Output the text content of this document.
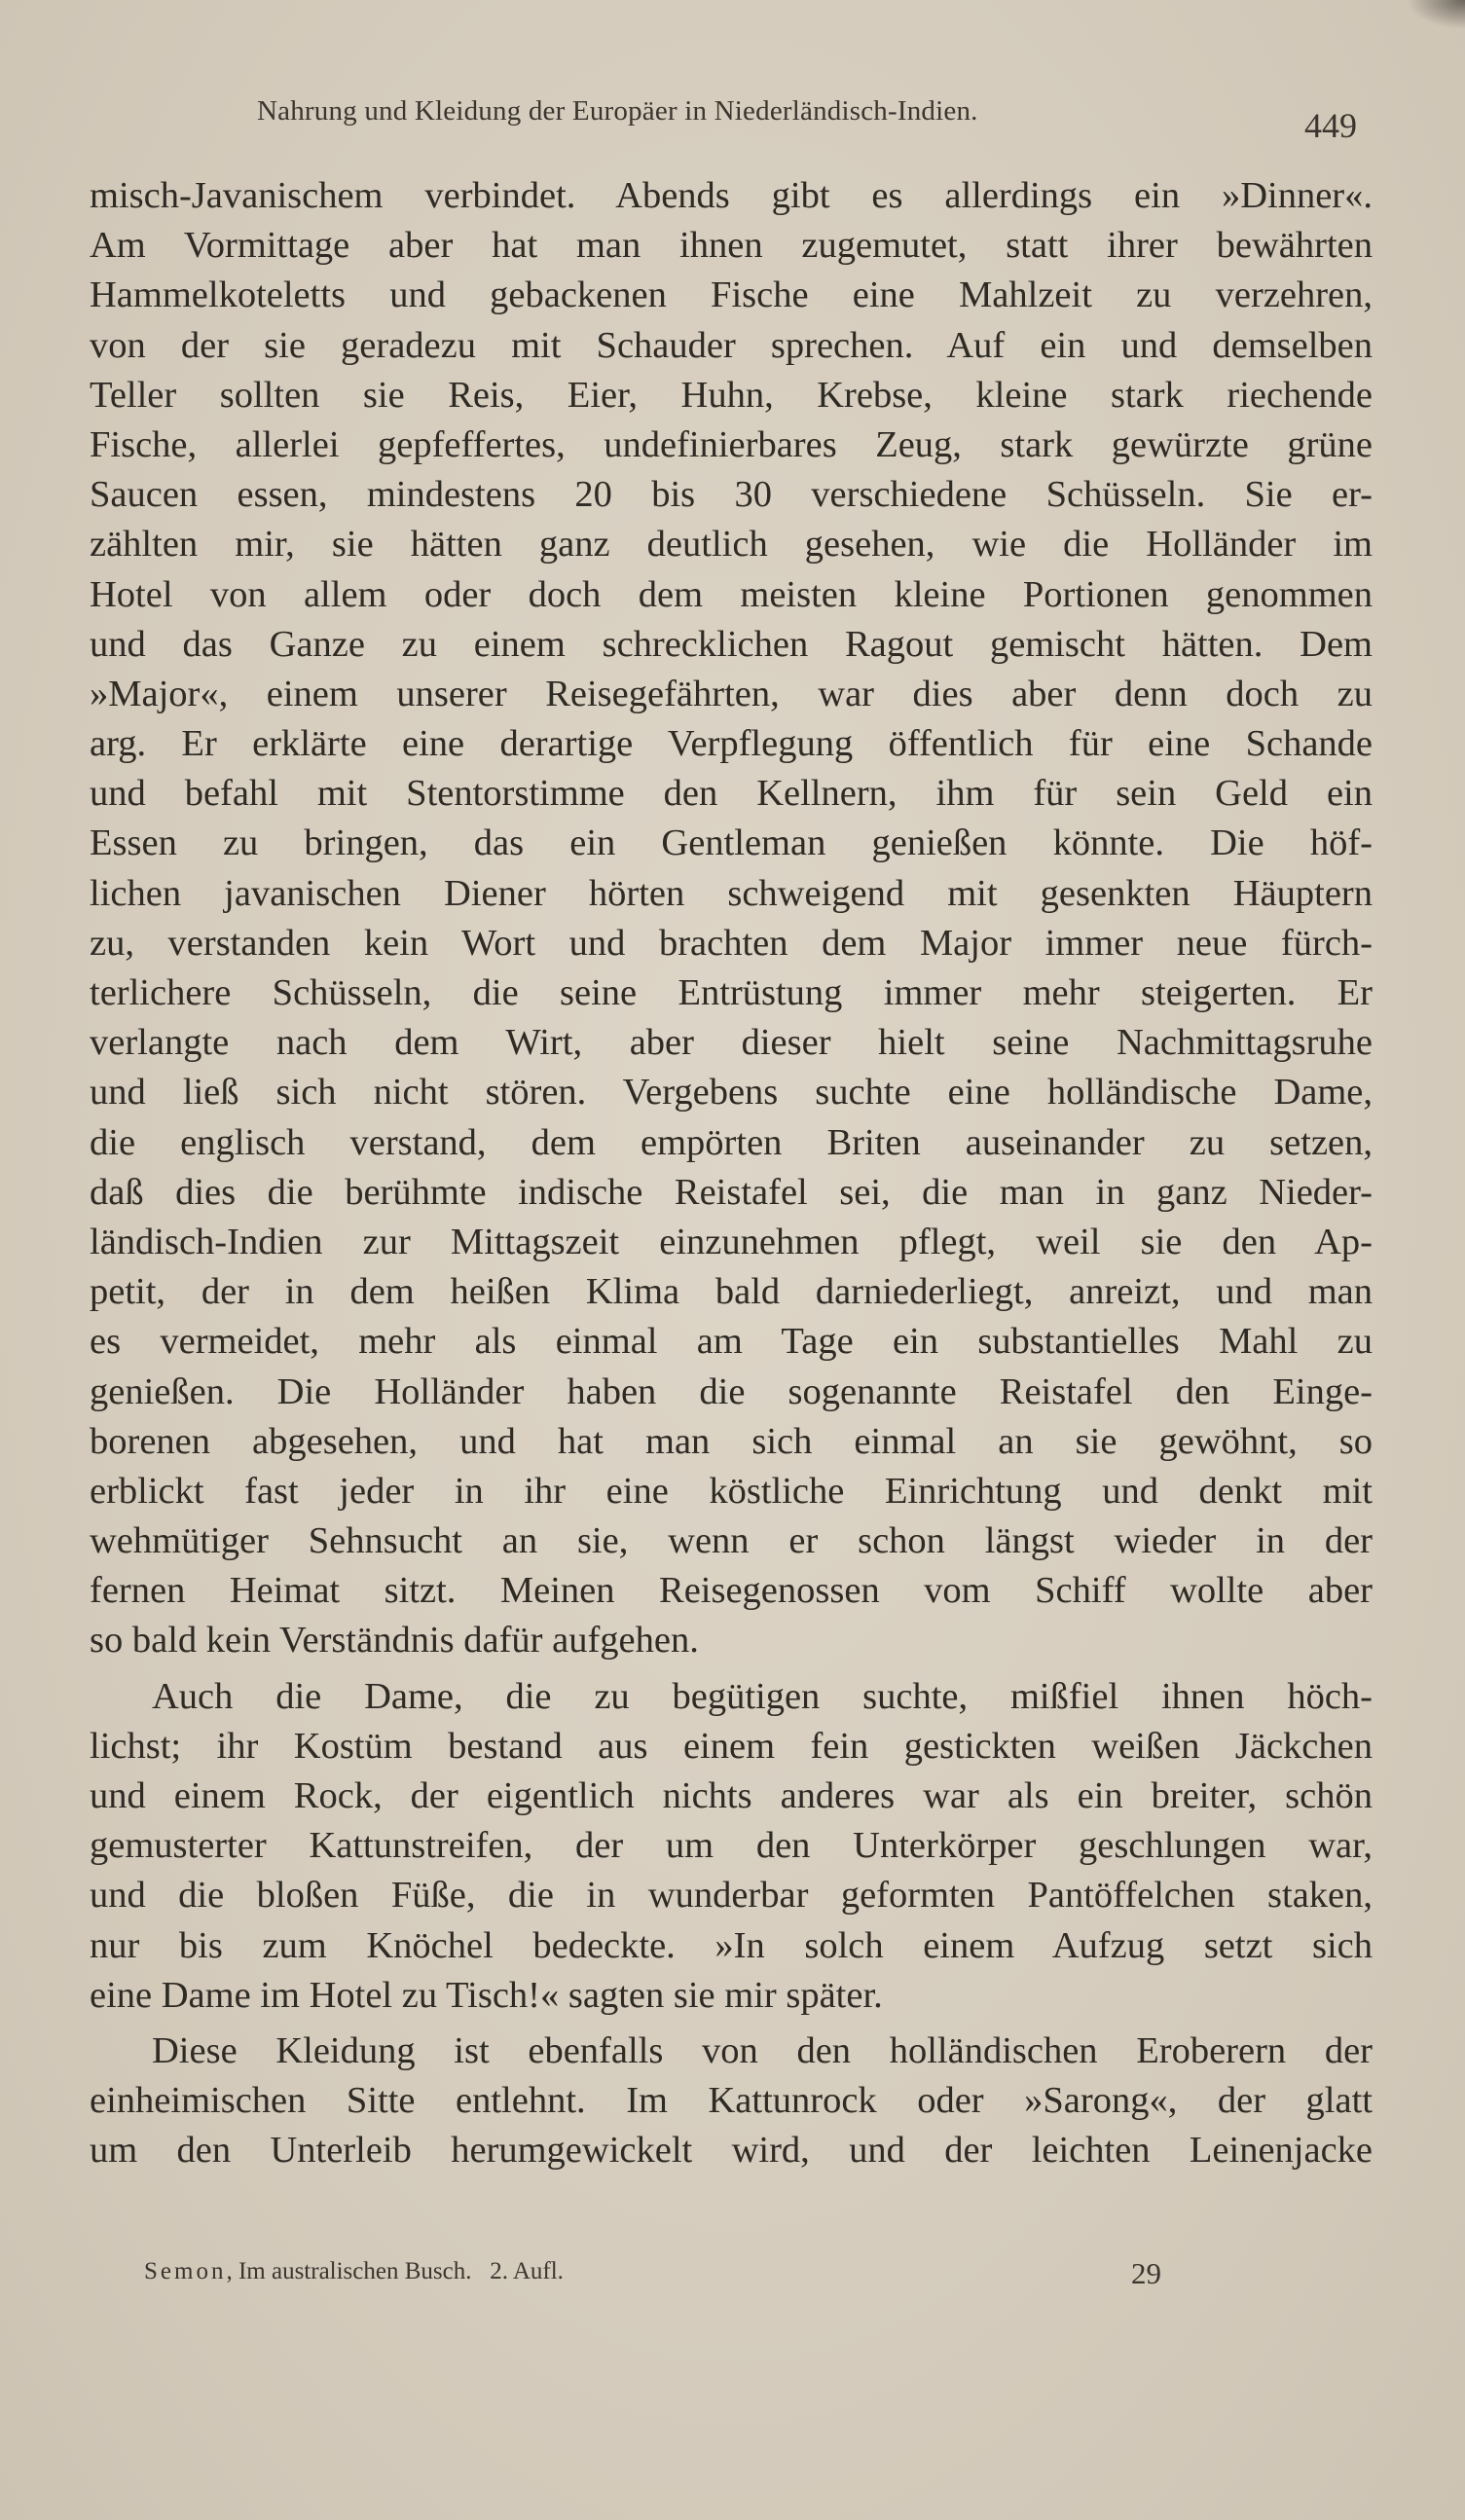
Nahrung und Kleidung der Europäer in Niederländisch-Indien.	449
misch-Javanischem verbindet. Abends gibt es allerdings ein »Dinner«.
Am Vormittage aber hat man ihnen zugemutet, statt ihrer bewährten
Hammelkoteletts und gebackenen Fische eine Mahlzeit zu verzehren,
von der sie geradezu mit Schauder sprechen. Auf ein und demselben
Teller sollten sie Reis, Eier, Huhn, Krebse, kleine stark riechende
Fische, allerlei gepfeffertes, undefinierbares Zeug, stark gewürzte grüne
Saucen essen, mindestens 20 bis 30 verschiedene Schüsseln. Sie er-
zählten mir, sie hätten ganz deutlich gesehen, wie die Holländer im
Hotel von allem oder doch dem meisten kleine Portionen genommen
und das Ganze zu einem schrecklichen Ragout gemischt hätten. Dem
»Major«, einem unserer Reisegefährten, war dies aber denn doch zu
arg. Er erklärte eine derartige Verpflegung öffentlich für eine Schande
und befahl mit Stentorstimme den Kellnern, ihm für sein Geld ein
Essen zu bringen, das ein Gentleman genießen könnte. Die höf-
lichen javanischen Diener hörten schweigend mit gesenkten Häuptern
zu, verstanden kein Wort und brachten dem Major immer neue fürch-
terlichere Schüsseln, die seine Entrüstung immer mehr steigerten. Er
verlangte nach dem Wirt, aber dieser hielt seine Nachmittagsruhe
und ließ sich nicht stören. Vergebens suchte eine holländische Dame,
die englisch verstand, dem empörten Briten auseinander zu setzen,
daß dies die berühmte indische Reistafel sei, die man in ganz Nieder-
ländisch-Indien zur Mittagszeit einzunehmen pflegt, weil sie den Ap-
petit, der in dem heißen Klima bald darniederliegt, anreizt, und man
es vermeidet, mehr als einmal am Tage ein substantielles Mahl zu
genießen. Die Holländer haben die sogenannte Reistafel den Einge-
borenen abgesehen, und hat man sich einmal an sie gewöhnt, so
erblickt fast jeder in ihr eine köstliche Einrichtung und denkt mit
wehmütiger Sehnsucht an sie, wenn er schon längst wieder in der
fernen Heimat sitzt. Meinen Reisegenossen vom Schiff wollte aber
so bald kein Verständnis dafür aufgehen.
Auch die Dame, die zu begütigen suchte, mißfiel ihnen höch-
lichst; ihr Kostüm bestand aus einem fein gestickten weißen Jäckchen
und einem Rock, der eigentlich nichts anderes war als ein breiter, schön
gemusterter Kattunstreifen, der um den Unterkörper geschlungen war,
und die bloßen Füße, die in wunderbar geformten Pantöffelchen staken,
nur bis zum Knöchel bedeckte. »In solch einem Aufzug setzt sich
eine Dame im Hotel zu Tisch!« sagten sie mir später.
Diese Kleidung ist ebenfalls von den holländischen Eroberern der
einheimischen Sitte entlehnt. Im Kattunrock oder »Sarong«, der glatt
um den Unterleib herumgewickelt wird, und der leichten Leinenjacke
Semon, Im australischen Busch. 2. Aufl.	29
